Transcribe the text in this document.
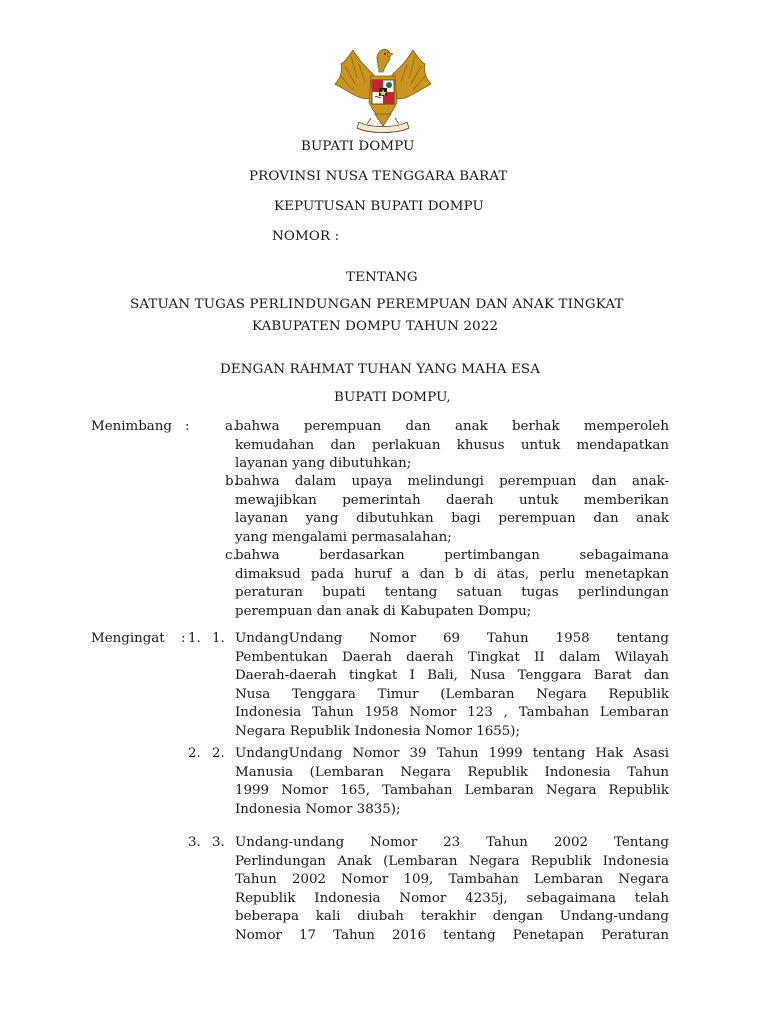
BUPATI DOMPU
PROVINSI NUSA TENGGARA BARAT
KEPUTUSAN BUPATI DOMPU
NOMOR :
TENTANG
SATUAN TUGAS PERLINDUNGAN PEREMPUAN DAN ANAK TINGKAT
KABUPATEN DOMPU TAHUN 2022
DENGAN RAHMAT TUHAN YANG MAHA ESA
BUPATI DOMPU,
Menimbang :	a.
bahwa perempuan dan anak berhak memperoleh
kemudahan dan perlakuan khusus untuk mendapatkan
layanan yang dibutuhkan;
b.
bahwa dalam upaya melindungi perempuan dan anak-
mewajibkan pemerintah daerah untuk memberikan
layanan yang dibutuhkan bagi perempuan dan anak
yang mengalami permasalahan;
c.
bahwa berdasarkan pertimbangan sebagaimana
dimaksud pada huruf a dan b di atas, perlu menetapkan
peraturan bupati tentang satuan tugas perlindungan
perempuan dan anak di Kabupaten Dompu;
Mengingat : 1. 1. UndangUndang Nomor 69 Tahun 1958 tentang
Pembentukan Daerah daerah Tingkat II dalam Wilayah
Daerah-daerah tingkat I Bali, Nusa Tenggara Barat dan
Nusa Tenggara Timur (Lembaran Negara Republik
Indonesia Tahun 1958 Nomor 123 , Tambahan Lembaran
Negara Republik Indonesia Nomor 1655);
2. 2. UndangUndang Nomor 39 Tahun 1999 tentang Hak Asasi
Manusia (Lembaran Negara Republik Indonesia Tahun
1999 Nomor 165, Tambahan Lembaran Negara Republik
Indonesia Nomor 3835);
3. 3. Undang-undang Nomor 23 Tahun 2002 Tentang
Perlindungan Anak (Lembaran Negara Republik Indonesia
Tahun 2002 Nomor 109, Tambahan Lembaran Negara
Republik Indonesia Nomor 4235j, sebagaimana telah
beberapa kali diubah terakhir dengan Undang-undang
Nomor 17 Tahun 2016 tentang Penetapan Peraturan
